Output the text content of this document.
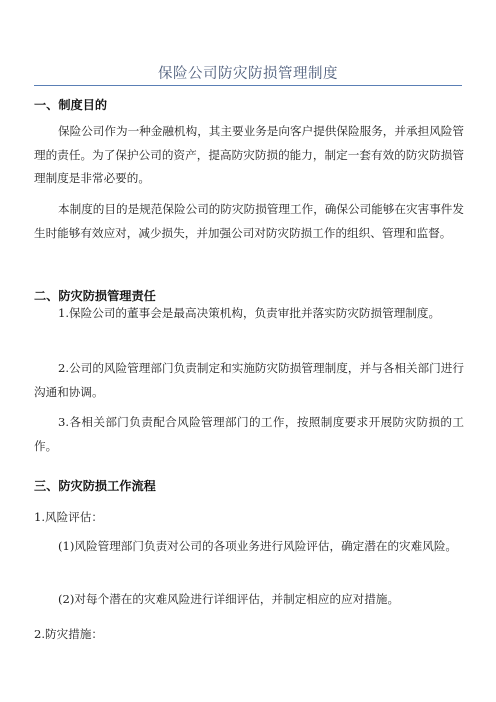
保险公司防灾防损管理制度
一、制度目的
保险公司作为一种金融机构，其主要业务是向客户提供保险服务，并承担风险管理的责任。为了保护公司的资产，提高防灾防损的能力，制定一套有效的防灾防损管理制度是非常必要的。
本制度的目的是规范保险公司的防灾防损管理工作，确保公司能够在灾害事件发生时能够有效应对，减少损失，并加强公司对防灾防损工作的组织、管理和监督。
二、防灾防损管理责任
1.保险公司的董事会是最高决策机构，负责审批并落实防灾防损管理制度。
2.公司的风险管理部门负责制定和实施防灾防损管理制度，并与各相关部门进行沟通和协调。
3.各相关部门负责配合风险管理部门的工作，按照制度要求开展防灾防损的工作。
三、防灾防损工作流程
1.风险评估：
(1)风险管理部门负责对公司的各项业务进行风险评估，确定潜在的灾难风险。
(2)对每个潜在的灾难风险进行详细评估，并制定相应的应对措施。
2.防灾措施：
